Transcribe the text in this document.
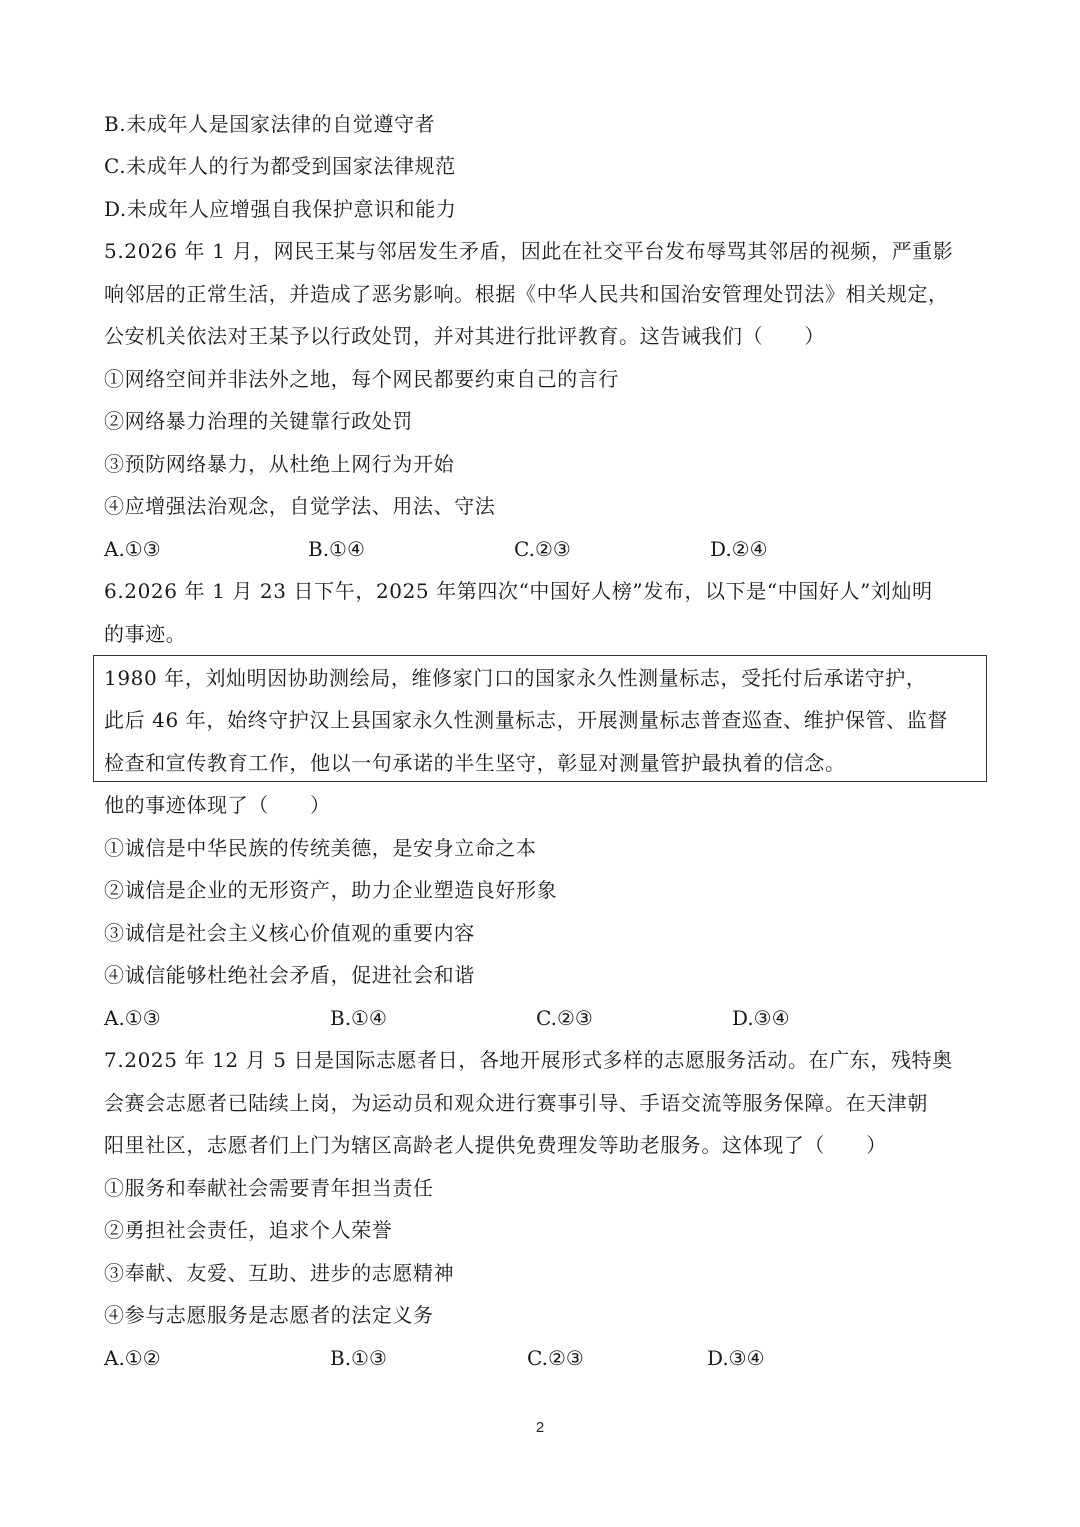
B.未成年人是国家法律的自觉遵守者
C.未成年人的行为都受到国家法律规范
D.未成年人应增强自我保护意识和能力
5.2026 年 1 月，网民王某与邻居发生矛盾，因此在社交平台发布辱骂其邻居的视频，严重影
响邻居的正常生活，并造成了恶劣影响。根据《中华人民共和国治安管理处罚法》相关规定，
公安机关依法对王某予以行政处罚，并对其进行批评教育。这告诫我们（　　）
①网络空间并非法外之地，每个网民都要约束自己的言行
②网络暴力治理的关键靠行政处罚
③预防网络暴力，从杜绝上网行为开始
④应增强法治观念，自觉学法、用法、守法
A.①③	B.①④	C.②③	D.②④
6.2026 年 1 月 23 日下午，2025 年第四次“中国好人榜”发布，以下是“中国好人”刘灿明
的事迹。
1980 年，刘灿明因协助测绘局，维修家门口的国家永久性测量标志，受托付后承诺守护，
此后 46 年，始终守护汉上县国家永久性测量标志，开展测量标志普查巡查、维护保管、监督
检查和宣传教育工作，他以一句承诺的半生坚守，彰显对测量管护最执着的信念。
他的事迹体现了（　　）
①诚信是中华民族的传统美德，是安身立命之本
②诚信是企业的无形资产，助力企业塑造良好形象
③诚信是社会主义核心价值观的重要内容
④诚信能够杜绝社会矛盾，促进社会和谐
A.①③	B.①④	C.②③	D.③④
7.2025 年 12 月 5 日是国际志愿者日，各地开展形式多样的志愿服务活动。在广东，残特奥
会赛会志愿者已陆续上岗，为运动员和观众进行赛事引导、手语交流等服务保障。在天津朝
阳里社区，志愿者们上门为辖区高龄老人提供免费理发等助老服务。这体现了（　　）
①服务和奉献社会需要青年担当责任
②勇担社会责任，追求个人荣誉
③奉献、友爱、互助、进步的志愿精神
④参与志愿服务是志愿者的法定义务
A.①②	B.①③	C.②③	D.③④
2
